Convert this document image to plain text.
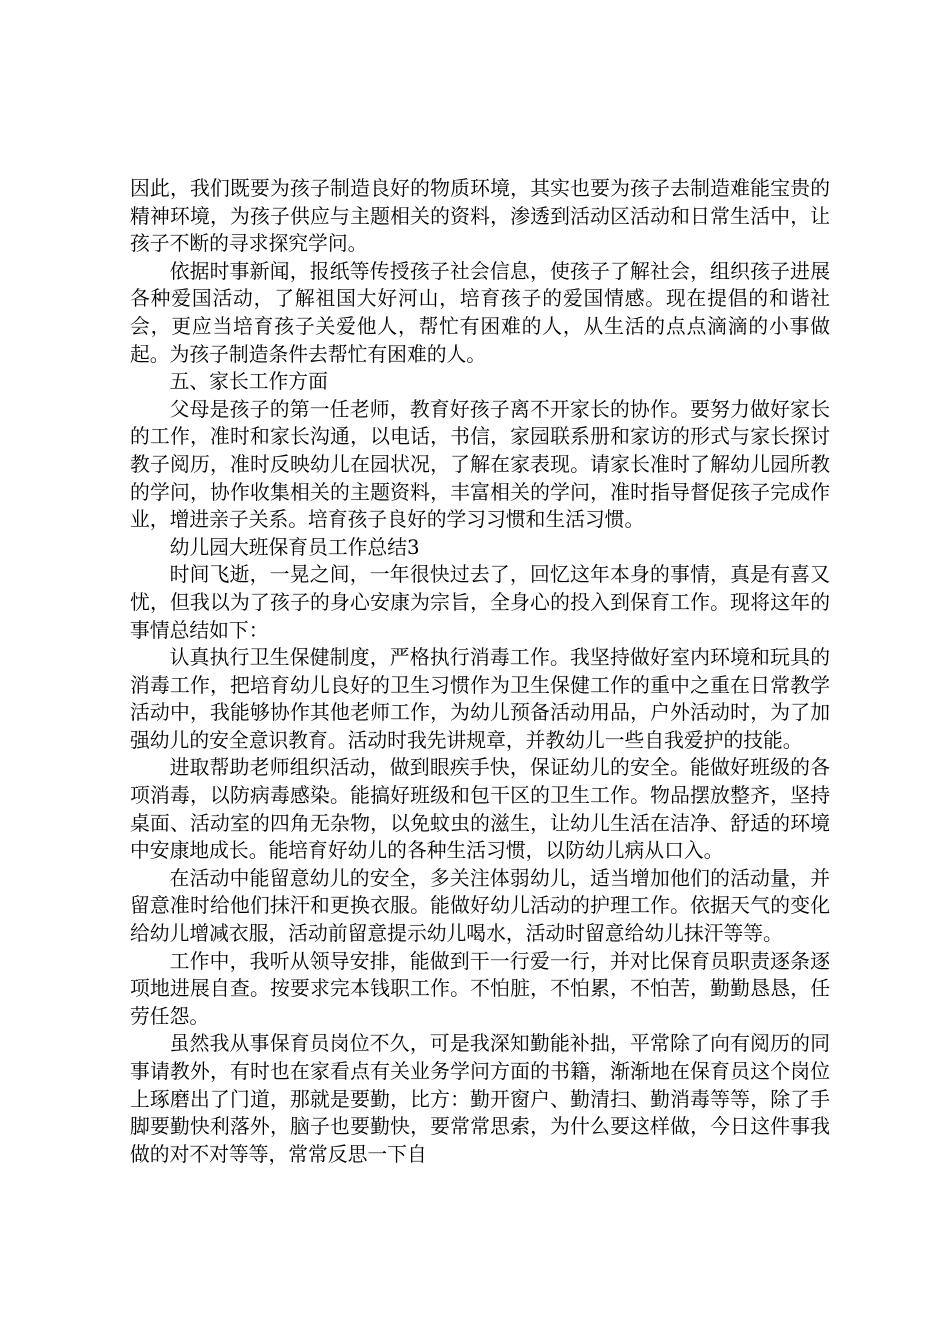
因此，我们既要为孩子制造良好的物质环境，其实也要为孩子去制造难能宝贵的精神环境，为孩子供应与主题相关的资料，渗透到活动区活动和日常生活中，让孩子不断的寻求探究学问。

依据时事新闻，报纸等传授孩子社会信息，使孩子了解社会，组织孩子进展各种爱国活动，了解祖国大好河山，培育孩子的爱国情感。现在提倡的和谐社会，更应当培育孩子关爱他人，帮忙有困难的人，从生活的点点滴滴的小事做起。为孩子制造条件去帮忙有困难的人。

五、家长工作方面

父母是孩子的第一任老师，教育好孩子离不开家长的协作。要努力做好家长的工作，准时和家长沟通，以电话，书信，家园联系册和家访的形式与家长探讨教子阅历，准时反映幼儿在园状况，了解在家表现。请家长准时了解幼儿园所教的学问，协作收集相关的主题资料，丰富相关的学问，准时指导督促孩子完成作业，增进亲子关系。培育孩子良好的学习习惯和生活习惯。

幼儿园大班保育员工作总结3

时间飞逝，一晃之间，一年很快过去了，回忆这年本身的事情，真是有喜又忧，但我以为了孩子的身心安康为宗旨，全身心的投入到保育工作。现将这年的事情总结如下：

认真执行卫生保健制度，严格执行消毒工作。我坚持做好室内环境和玩具的消毒工作，把培育幼儿良好的卫生习惯作为卫生保健工作的重中之重在日常教学活动中，我能够协作其他老师工作，为幼儿预备活动用品，户外活动时，为了加强幼儿的安全意识教育。活动时我先讲规章，并教幼儿一些自我爱护的技能。

进取帮助老师组织活动，做到眼疾手快，保证幼儿的安全。能做好班级的各项消毒，以防病毒感染。能搞好班级和包干区的卫生工作。物品摆放整齐，坚持桌面、活动室的四角无杂物，以免蚊虫的滋生，让幼儿生活在洁净、舒适的环境中安康地成长。能培育好幼儿的各种生活习惯，以防幼儿病从口入。

在活动中能留意幼儿的安全，多关注体弱幼儿，适当增加他们的活动量，并留意准时给他们抹汗和更换衣服。能做好幼儿活动的护理工作。依据天气的变化给幼儿增减衣服，活动前留意提示幼儿喝水，活动时留意给幼儿抹汗等等。

工作中，我听从领导安排，能做到干一行爱一行，并对比保育员职责逐条逐项地进展自查。按要求完本钱职工作。不怕脏，不怕累，不怕苦，勤勤恳恳，任劳任怨。

虽然我从事保育员岗位不久，可是我深知勤能补拙，平常除了向有阅历的同事请教外，有时也在家看点有关业务学问方面的书籍，渐渐地在保育员这个岗位上琢磨出了门道，那就是要勤，比方：勤开窗户、勤清扫、勤消毒等等，除了手脚要勤快利落外，脑子也要勤快，要常常思索，为什么要这样做，今日这件事我做的对不对等等，常常反思一下自
